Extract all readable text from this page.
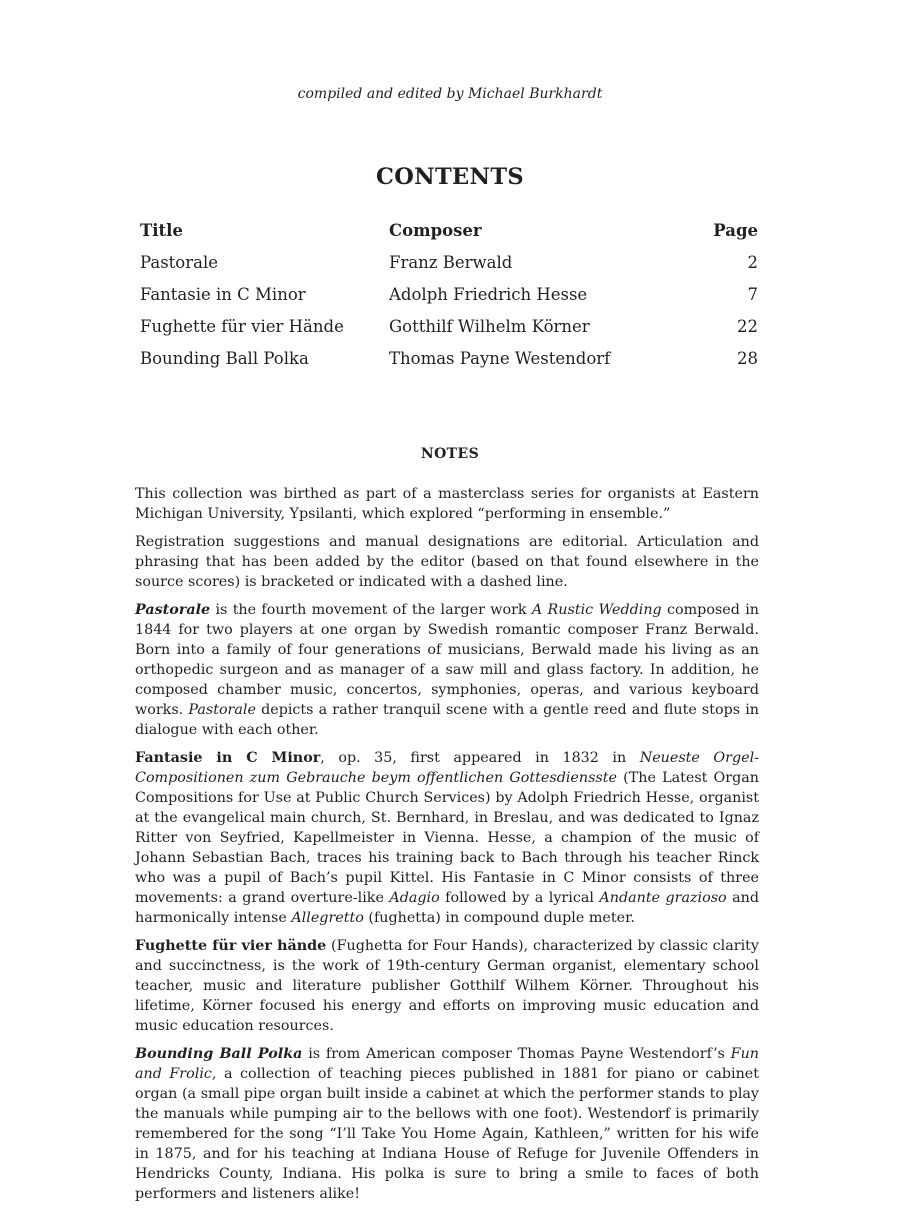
compiled and edited by Michael Burkhardt
CONTENTS
Title	Composer	Page
Pastorale	Franz Berwald	2
Fantasie in C Minor	Adolph Friedrich Hesse	7
Fughette für vier Hände	Gotthilf Wilhelm Körner	22
Bounding Ball Polka	Thomas Payne Westendorf	28
NOTES

This collection was birthed as part of a masterclass series for organists at Eastern Michigan University, Ypsilanti, which explored “performing in ensemble.”

Registration suggestions and manual designations are editorial. Articulation and phrasing that has been added by the editor (based on that found elsewhere in the source scores) is bracketed or indicated with a dashed line.

Pastorale is the fourth movement of the larger work A Rustic Wedding composed in 1844 for two players at one organ by Swedish romantic composer Franz Berwald. Born into a family of four generations of musicians, Berwald made his living as an orthopedic surgeon and as manager of a saw mill and glass factory. In addition, he composed chamber music, concertos, symphonies, operas, and various keyboard works. Pastorale depicts a rather tranquil scene with a gentle reed and flute stops in dialogue with each other.

Fantasie in C Minor, op. 35, first appeared in 1832 in Neueste Orgel-Compositionen zum Gebrauche beym offentlichen Gottesdiensste (The Latest Organ Compositions for Use at Public Church Services) by Adolph Friedrich Hesse, organist at the evangelical main church, St. Bernhard, in Breslau, and was dedicated to Ignaz Ritter von Seyfried, Kapellmeister in Vienna. Hesse, a champion of the music of Johann Sebastian Bach, traces his training back to Bach through his teacher Rinck who was a pupil of Bach’s pupil Kittel. His Fantasie in C Minor consists of three movements: a grand overture-like Adagio followed by a lyrical Andante grazioso and harmonically intense Allegretto (fughetta) in compound duple meter.

Fughette für vier hände (Fughetta for Four Hands), characterized by classic clarity and succinctness, is the work of 19th-century German organist, elementary school teacher, music and literature publisher Gotthilf Wilhem Körner. Throughout his lifetime, Körner focused his energy and efforts on improving music education and music education resources.

Bounding Ball Polka is from American composer Thomas Payne Westendorf’s Fun and Frolic, a collection of teaching pieces published in 1881 for piano or cabinet organ (a small pipe organ built inside a cabinet at which the performer stands to play the manuals while pumping air to the bellows with one foot). Westendorf is primarily remembered for the song “I’ll Take You Home Again, Kathleen,” written for his wife in 1875, and for his teaching at Indiana House of Refuge for Juvenile Offenders in Hendricks County, Indiana. His polka is sure to bring a smile to faces of both performers and listeners alike!
